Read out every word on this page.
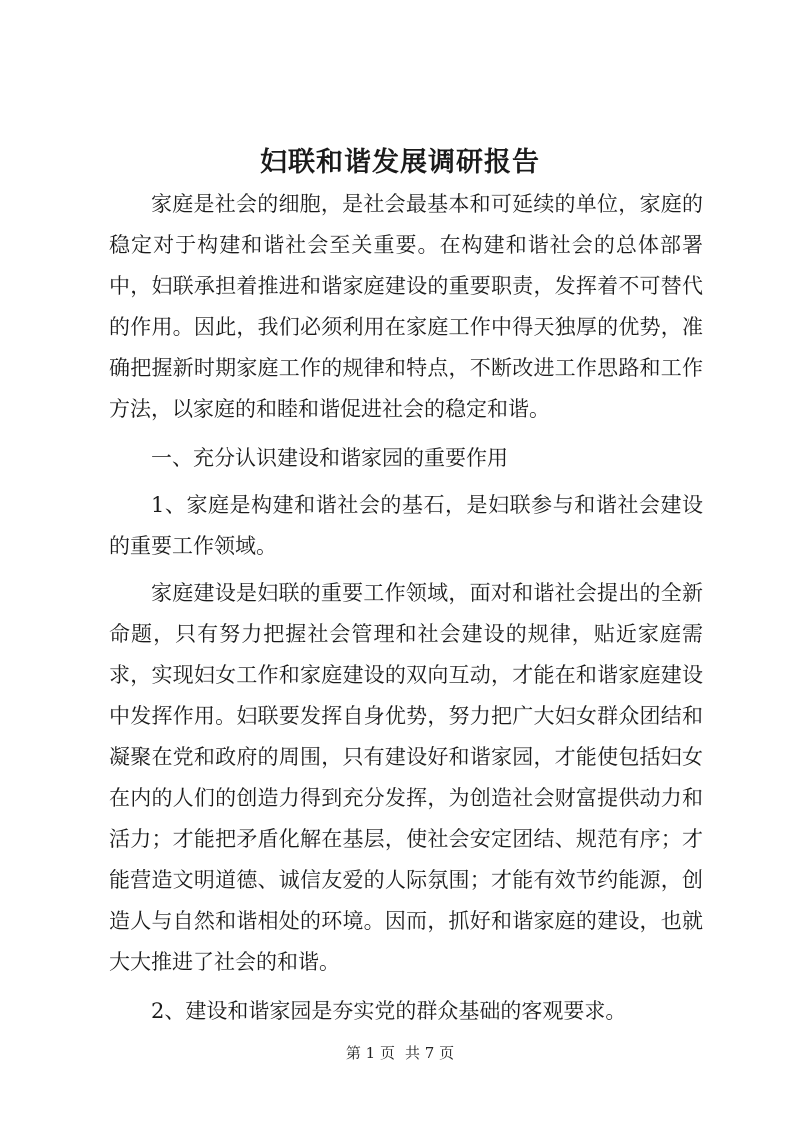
妇联和谐发展调研报告

家庭是社会的细胞，是社会最基本和可延续的单位，家庭的稳定对于构建和谐社会至关重要。在构建和谐社会的总体部署中，妇联承担着推进和谐家庭建设的重要职责，发挥着不可替代的作用。因此，我们必须利用在家庭工作中得天独厚的优势，准确把握新时期家庭工作的规律和特点，不断改进工作思路和工作方法，以家庭的和睦和谐促进社会的稳定和谐。

一、充分认识建设和谐家园的重要作用

1、家庭是构建和谐社会的基石，是妇联参与和谐社会建设的重要工作领域。

家庭建设是妇联的重要工作领域，面对和谐社会提出的全新命题，只有努力把握社会管理和社会建设的规律，贴近家庭需求，实现妇女工作和家庭建设的双向互动，才能在和谐家庭建设中发挥作用。妇联要发挥自身优势，努力把广大妇女群众团结和凝聚在党和政府的周围，只有建设好和谐家园，才能使包括妇女在内的人们的创造力得到充分发挥，为创造社会财富提供动力和活力；才能把矛盾化解在基层，使社会安定团结、规范有序；才能营造文明道德、诚信友爱的人际氛围；才能有效节约能源，创造人与自然和谐相处的环境。因而，抓好和谐家庭的建设，也就大大推进了社会的和谐。

2、建设和谐家园是夯实党的群众基础的客观要求。

第 1 页 共 7 页
